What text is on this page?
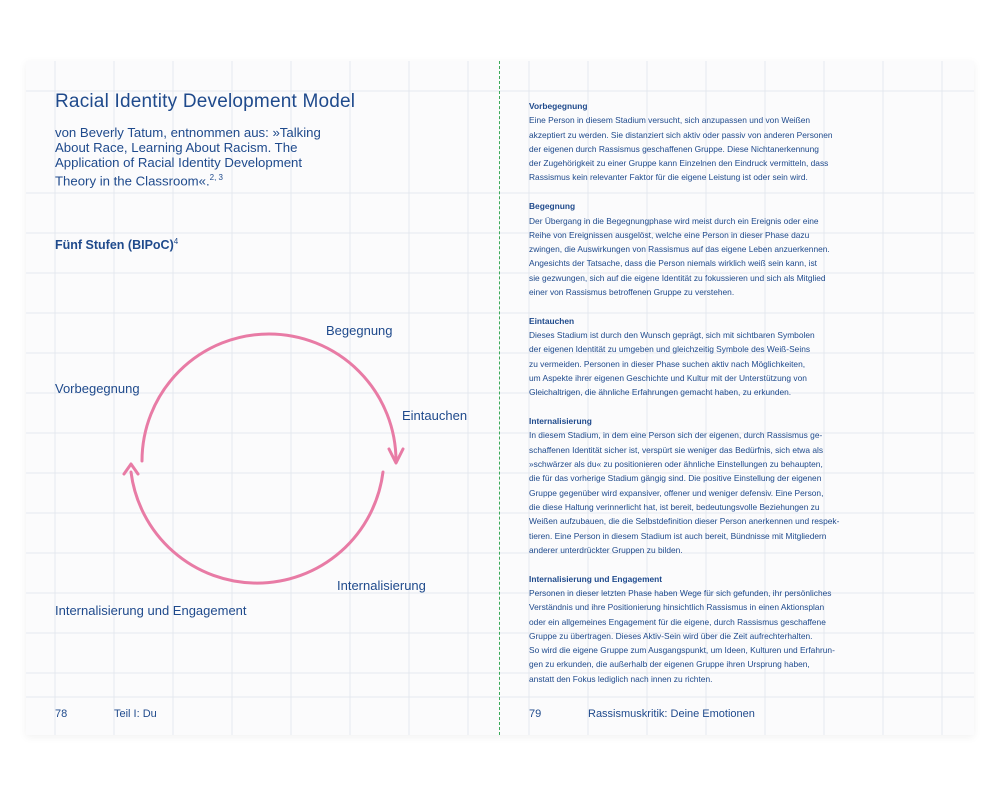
Racial Identity Development Model
von Beverly Tatum, entnommen aus: »Talking
About Race, Learning About Racism. The
Application of Racial Identity Development
Theory in the Classroom«.$^{2, 3}$
Fünf Stufen (BIPoC)$^4$
Begegnung
Vorbegegnung
Eintauchen
Internalisierung
Internalisierung und Engagement
78	Teil I: Du
Vorbegegnung
Eine Person in diesem Stadium versucht, sich anzupassen und von Weißen
akzeptiert zu werden. Sie distanziert sich aktiv oder passiv von anderen Personen
der eigenen durch Rassismus geschaffenen Gruppe. Diese Nichtanerkennung
der Zugehörigkeit zu einer Gruppe kann Einzelnen den Eindruck vermitteln, dass
Rassismus kein relevanter Faktor für die eigene Leistung ist oder sein wird.
Begegnung
Der Übergang in die Begegnungphase wird meist durch ein Ereignis oder eine
Reihe von Ereignissen ausgelöst, welche eine Person in dieser Phase dazu
zwingen, die Auswirkungen von Rassismus auf das eigene Leben anzuerkennen.
Angesichts der Tatsache, dass die Person niemals wirklich weiß sein kann, ist
sie gezwungen, sich auf die eigene Identität zu fokussieren und sich als Mitglied
einer von Rassismus betroffenen Gruppe zu verstehen.
Eintauchen
Dieses Stadium ist durch den Wunsch geprägt, sich mit sichtbaren Symbolen
der eigenen Identität zu umgeben und gleichzeitig Symbole des Weiß-Seins
zu vermeiden. Personen in dieser Phase suchen aktiv nach Möglichkeiten,
um Aspekte ihrer eigenen Geschichte und Kultur mit der Unterstützung von
Gleichaltrigen, die ähnliche Erfahrungen gemacht haben, zu erkunden.
Internalisierung
In diesem Stadium, in dem eine Person sich der eigenen, durch Rassismus ge-
schaffenen Identität sicher ist, verspürt sie weniger das Bedürfnis, sich etwa als
»schwärzer als du« zu positionieren oder ähnliche Einstellungen zu behaupten,
die für das vorherige Stadium gängig sind. Die positive Einstellung der eigenen
Gruppe gegenüber wird expansiver, offener und weniger defensiv. Eine Person,
die diese Haltung verinnerlicht hat, ist bereit, bedeutungsvolle Beziehungen zu
Weißen aufzubauen, die die Selbstdefinition dieser Person anerkennen und respek-
tieren. Eine Person in diesem Stadium ist auch bereit, Bündnisse mit Mitgliedern
anderer unterdrückter Gruppen zu bilden.
Internalisierung und Engagement
Personen in dieser letzten Phase haben Wege für sich gefunden, ihr persönliches
Verständnis und ihre Positionierung hinsichtlich Rassismus in einen Aktionsplan
oder ein allgemeines Engagement für die eigene, durch Rassismus geschaffene
Gruppe zu übertragen. Dieses Aktiv-Sein wird über die Zeit aufrechterhalten.
So wird die eigene Gruppe zum Ausgangspunkt, um Ideen, Kulturen und Erfahrun-
gen zu erkunden, die außerhalb der eigenen Gruppe ihren Ursprung haben,
anstatt den Fokus lediglich nach innen zu richten.
79	Rassismuskritik: Deine Emotionen
